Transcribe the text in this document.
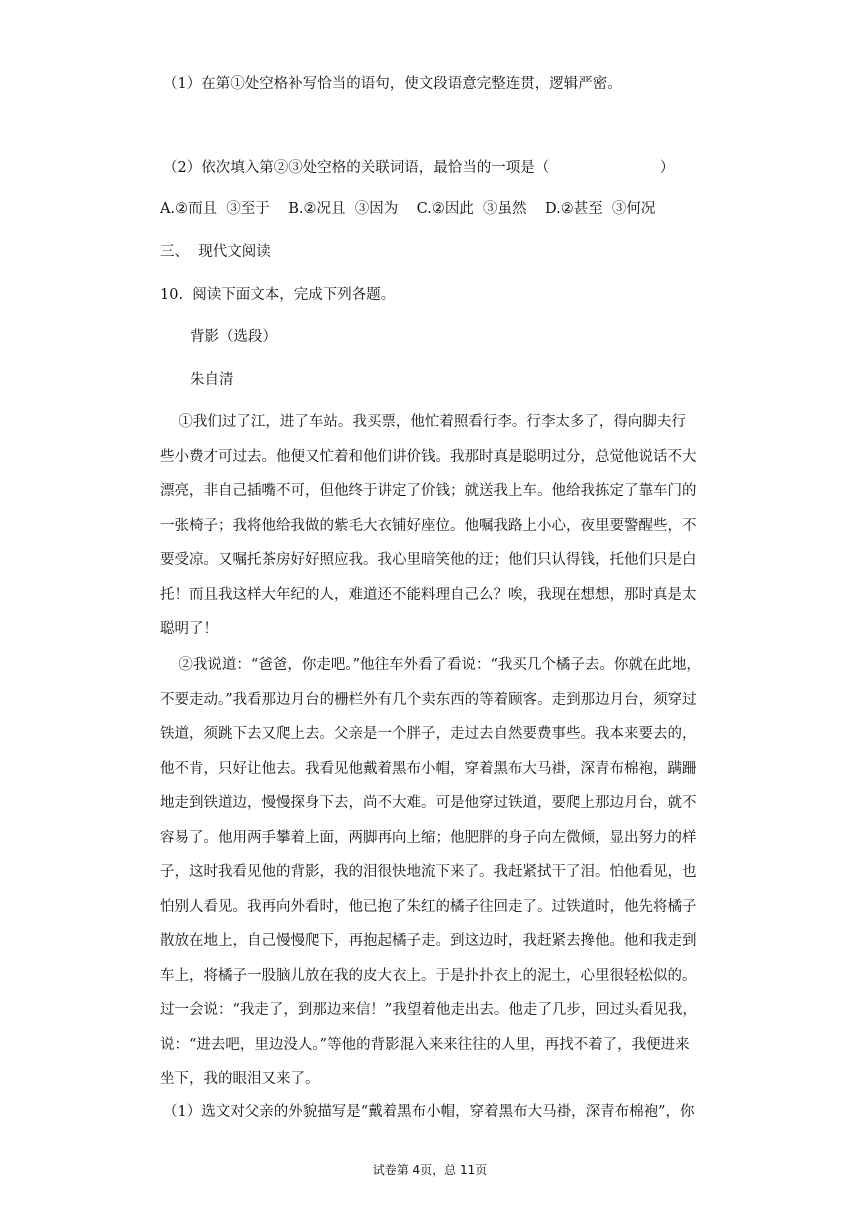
（1）在第①处空格补写恰当的语句，使文段语意完整连贯，逻辑严密。
（2）依次填入第②③处空格的关联词语，最恰当的一项是（                        ）
A.②而且  ③至于    B.②况且  ③因为    C.②因此  ③虽然    D.②甚至  ③何况
三、  现代文阅读
10.  阅读下面文本，完成下列各题。
背影（选段）
朱自清
①我们过了江，进了车站。我买票，他忙着照看行李。行李太多了，得向脚夫行
些小费才可过去。他便又忙着和他们讲价钱。我那时真是聪明过分，总觉他说话不大
漂亮，非自己插嘴不可，但他终于讲定了价钱；就送我上车。他给我拣定了靠车门的
一张椅子；我将他给我做的紫毛大衣铺好座位。他嘱我路上小心，夜里要警醒些，不
要受凉。又嘱托茶房好好照应我。我心里暗笑他的迂；他们只认得钱，托他们只是白
托！而且我这样大年纪的人，难道还不能料理自己么？唉，我现在想想，那时真是太
聪明了！
②我说道：“爸爸，你走吧。”他往车外看了看说：“我买几个橘子去。你就在此地，
不要走动。”我看那边月台的栅栏外有几个卖东西的等着顾客。走到那边月台，须穿过
铁道，须跳下去又爬上去。父亲是一个胖子，走过去自然要费事些。我本来要去的，
他不肯，只好让他去。我看见他戴着黑布小帽，穿着黑布大马褂，深青布棉袍，蹒跚
地走到铁道边，慢慢探身下去，尚不大难。可是他穿过铁道，要爬上那边月台，就不
容易了。他用两手攀着上面，两脚再向上缩；他肥胖的身子向左微倾，显出努力的样
子，这时我看见他的背影，我的泪很快地流下来了。我赶紧拭干了泪。怕他看见，也
怕别人看见。我再向外看时，他已抱了朱红的橘子往回走了。过铁道时，他先将橘子
散放在地上，自己慢慢爬下，再抱起橘子走。到这边时，我赶紧去搀他。他和我走到
车上，将橘子一股脑儿放在我的皮大衣上。于是扑扑衣上的泥土，心里很轻松似的。
过一会说：“我走了，到那边来信！”我望着他走出去。他走了几步，回过头看见我，
说：“进去吧，里边没人。”等他的背影混入来来往往的人里，再找不着了，我便进来
坐下，我的眼泪又来了。
（1）选文对父亲的外貌描写是“戴着黑布小帽，穿着黑布大马褂，深青布棉袍”，你
试卷第 4页，总 11页
